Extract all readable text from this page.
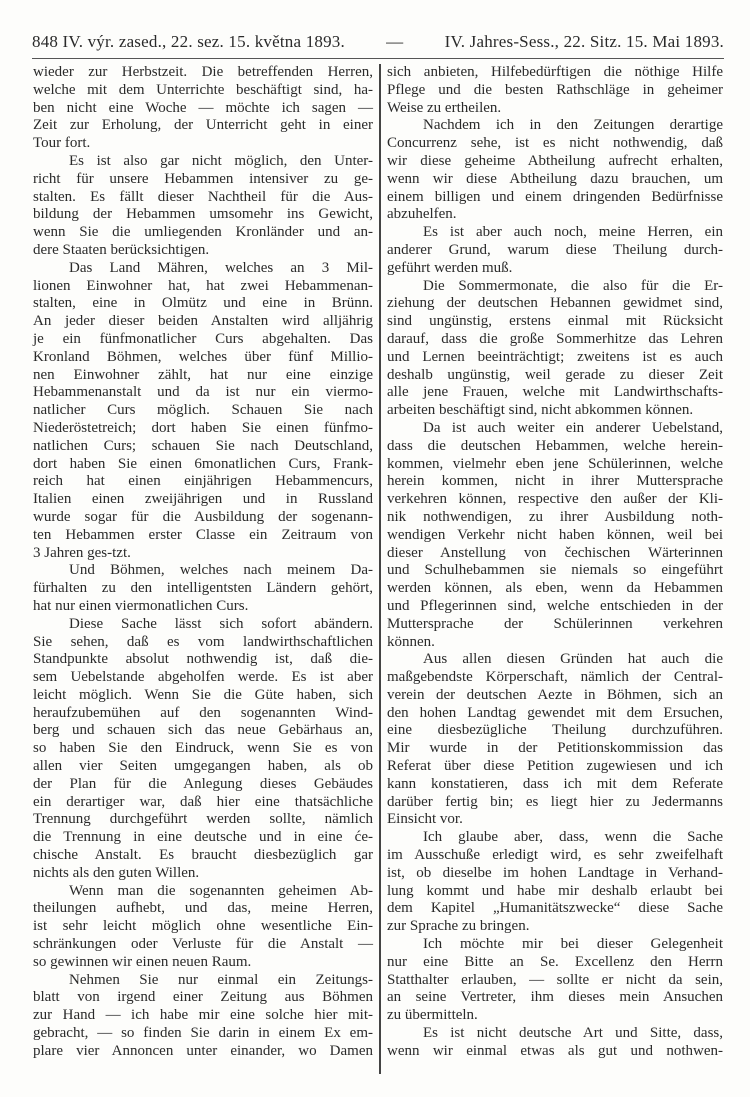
848 IV. výr. zased., 22. sez. 15. května 1893. — IV. Jahres-Sess., 22. Sitz. 15. Mai 1893.
wieder zur Herbstzeit. Die betreffenden Herren,
welche mit dem Unterrichte beschäftigt sind, ha-
ben nicht eine Woche — möchte ich sagen —
Zeit zur Erholung, der Unterricht geht in einer
Tour fort.
Es ist also gar nicht möglich, den Unter-
richt für unsere Hebammen intensiver zu ge-
stalten. Es fällt dieser Nachtheil für die Aus-
bildung der Hebammen umsomehr ins Gewicht,
wenn Sie die umliegenden Kronländer und an-
dere Staaten berücksichtigen.
Das Land Mähren, welches an 3 Mil-
lionen Einwohner hat, hat zwei Hebammenan-
stalten, eine in Olmütz und eine in Brünn.
An jeder dieser beiden Anstalten wird alljährig
je ein fünfmonatlicher Curs abgehalten. Das
Kronland Böhmen, welches über fünf Millio-
nen Einwohner zählt, hat nur eine einzige
Hebammenanstalt und da ist nur ein viermo-
natlicher Curs möglich. Schauen Sie nach
Niederöstetreich; dort haben Sie einen fünfmo-
natlichen Curs; schauen Sie nach Deutschland,
dort haben Sie einen 6monatlichen Curs, Frank-
reich hat einen einjährigen Hebammencurs,
Italien einen zweijährigen und in Russland
wurde sogar für die Ausbildung der sogenann-
ten Hebammen erster Classe ein Zeitraum von
3 Jahren ges-tzt.
Und Böhmen, welches nach meinem Da-
fürhalten zu den intelligentsten Ländern gehört,
hat nur einen viermonatlichen Curs.
Diese Sache lässt sich sofort abändern.
Sie sehen, daß es vom landwirthschaftlichen
Standpunkte absolut nothwendig ist, daß die-
sem Uebelstande abgeholfen werde. Es ist aber
leicht möglich. Wenn Sie die Güte haben, sich
heraufzubemühen auf den sogenannten Wind-
berg und schauen sich das neue Gebärhaus an,
so haben Sie den Eindruck, wenn Sie es von
allen vier Seiten umgegangen haben, als ob
der Plan für die Anlegung dieses Gebäudes
ein derartiger war, daß hier eine thatsächliche
Trennung durchgeführt werden sollte, nämlich
die Trennung in eine deutsche und in eine će-
chische Anstalt. Es braucht diesbezüglich gar
nichts als den guten Willen.
Wenn man die sogenannten geheimen Ab-
theilungen aufhebt, und das, meine Herren,
ist sehr leicht möglich ohne wesentliche Ein-
schränkungen oder Verluste für die Anstalt —
so gewinnen wir einen neuen Raum.
Nehmen Sie nur einmal ein Zeitungs-
blatt von irgend einer Zeitung aus Böhmen
zur Hand — ich habe mir eine solche hier mit-
gebracht, — so finden Sie darin in einem Ex em-
plare vier Annoncen unter einander, wo Damen
sich anbieten, Hilfebedürftigen die nöthige Hilfe
Pflege und die besten Rathschläge in geheimer
Weise zu ertheilen.
Nachdem ich in den Zeitungen derartige
Concurrenz sehe, ist es nicht nothwendig, daß
wir diese geheime Abtheilung aufrecht erhalten,
wenn wir diese Abtheilung dazu brauchen, um
einem billigen und einem dringenden Bedürfnisse
abzuhelfen.
Es ist aber auch noch, meine Herren, ein
anderer Grund, warum diese Theilung durch-
geführt werden muß.
Die Sommermonate, die also für die Er-
ziehung der deutschen Hebannen gewidmet sind,
sind ungünstig, erstens einmal mit Rücksicht
darauf, dass die große Sommerhitze das Lehren
und Lernen beeinträchtigt; zweitens ist es auch
deshalb ungünstig, weil gerade zu dieser Zeit
alle jene Frauen, welche mit Landwirthschafts-
arbeiten beschäftigt sind, nicht abkommen können.
Da ist auch weiter ein anderer Uebelstand,
dass die deutschen Hebammen, welche herein-
kommen, vielmehr eben jene Schülerinnen, welche
herein kommen, nicht in ihrer Muttersprache
verkehren können, respective den außer der Kli-
nik nothwendigen, zu ihrer Ausbildung noth-
wendigen Verkehr nicht haben können, weil bei
dieser Anstellung von čechischen Wärterinnen
und Schulhebammen sie niemals so eingeführt
werden können, als eben, wenn da Hebammen
und Pflegerinnen sind, welche entschieden in der
Muttersprache der Schülerinnen verkehren
können.
Aus allen diesen Gründen hat auch die
maßgebendste Körperschaft, nämlich der Central-
verein der deutschen Aezte in Böhmen, sich an
den hohen Landtag gewendet mit dem Ersuchen,
eine diesbezügliche Theilung durchzuführen.
Mir wurde in der Petitionskommission das
Referat über diese Petition zugewiesen und ich
kann konstatieren, dass ich mit dem Referate
darüber fertig bin; es liegt hier zu Jedermanns
Einsicht vor.
Ich glaube aber, dass, wenn die Sache
im Ausschuße erledigt wird, es sehr zweifelhaft
ist, ob dieselbe im hohen Landtage in Verhand-
lung kommt und habe mir deshalb erlaubt bei
dem Kapitel „Humanitätszwecke“ diese Sache
zur Sprache zu bringen.
Ich möchte mir bei dieser Gelegenheit
nur eine Bitte an Se. Excellenz den Herrn
Statthalter erlauben, — sollte er nicht da sein,
an seine Vertreter, ihm dieses mein Ansuchen
zu übermitteln.
Es ist nicht deutsche Art und Sitte, dass,
wenn wir einmal etwas als gut und nothwen-
